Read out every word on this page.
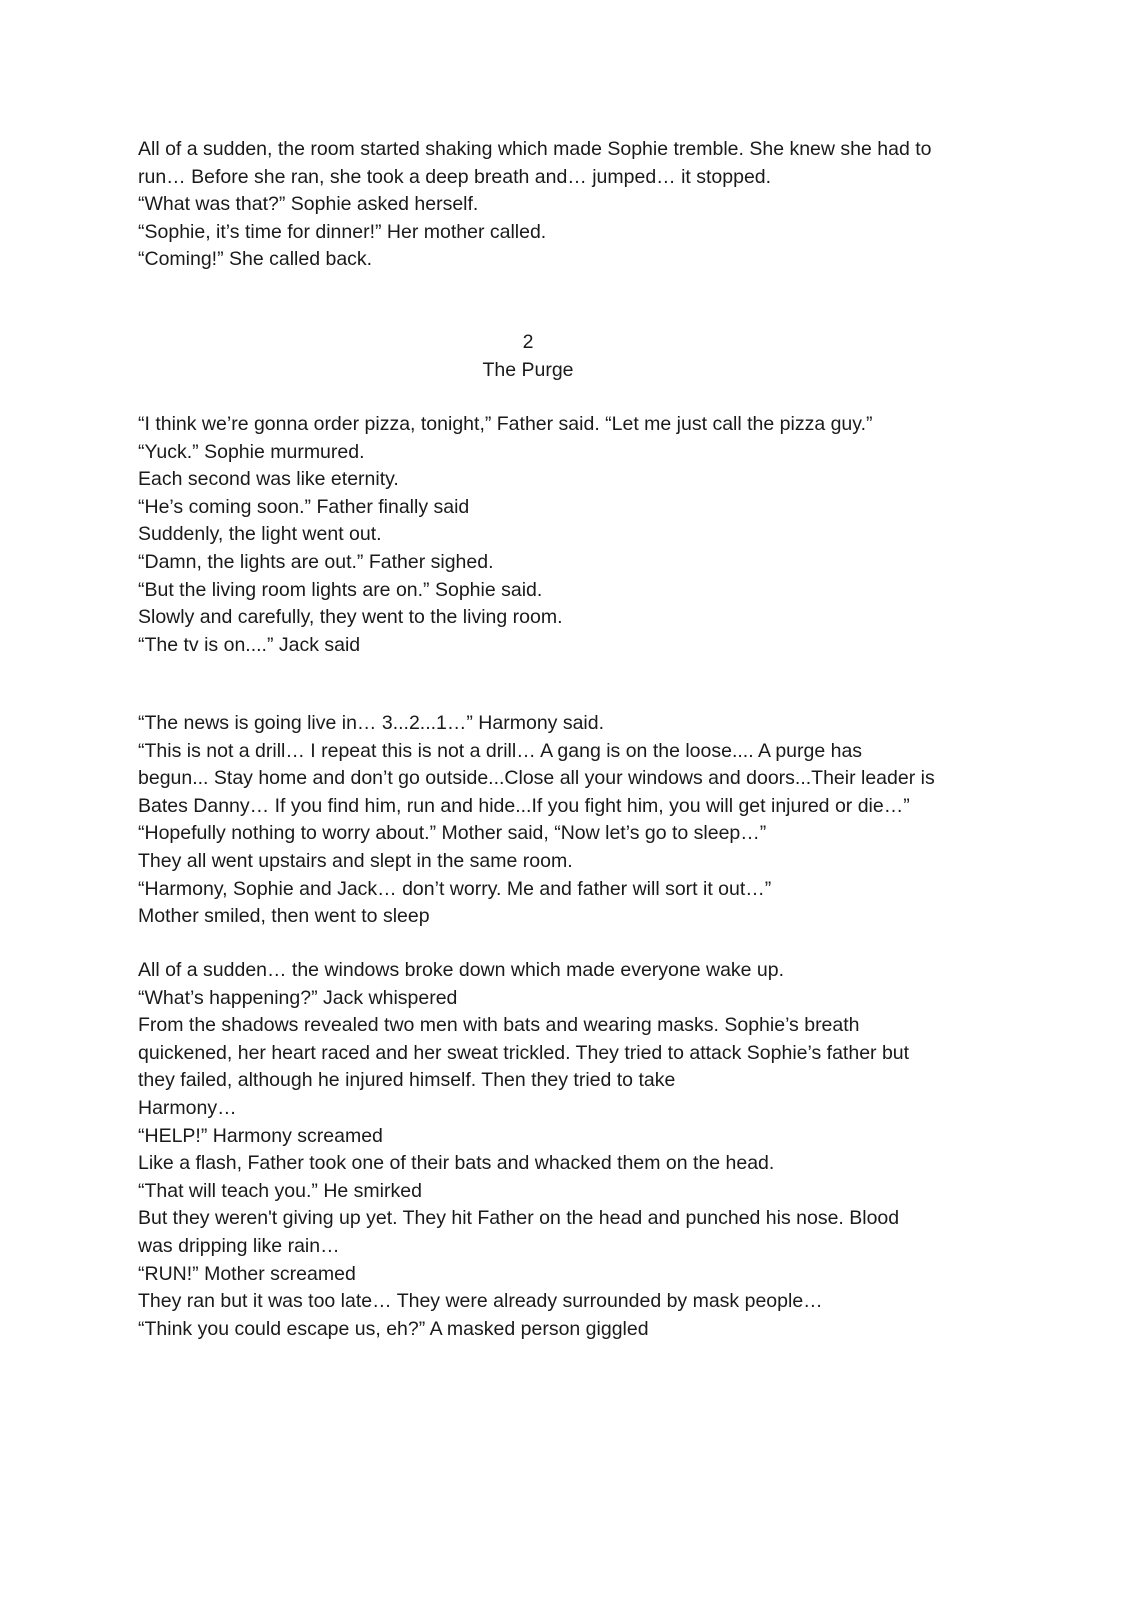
All of a sudden, the room started shaking which made Sophie tremble. She knew she had to
run… Before she ran, she took a deep breath and… jumped… it stopped.
“What was that?” Sophie asked herself.
“Sophie, it’s time for dinner!” Her mother called.
“Coming!” She called back.
2
The Purge
“I think we’re gonna order pizza, tonight,” Father said. “Let me just call the pizza guy.”
“Yuck.” Sophie murmured.
Each second was like eternity.
“He’s coming soon.” Father finally said
Suddenly, the light went out.
“Damn, the lights are out.” Father sighed.
“But the living room lights are on.” Sophie said.
Slowly and carefully, they went to the living room.
“The tv is on....” Jack said
“The news is going live in… 3...2...1…” Harmony said.
“This is not a drill… I repeat this is not a drill… A gang is on the loose.... A purge has
begun... Stay home and don’t go outside...Close all your windows and doors...Their leader is
Bates Danny… If you find him, run and hide...If you fight him, you will get injured or die…”
“Hopefully nothing to worry about.” Mother said, “Now let’s go to sleep…”
They all went upstairs and slept in the same room.
“Harmony, Sophie and Jack… don’t worry. Me and father will sort it out…”
Mother smiled, then went to sleep
All of a sudden… the windows broke down which made everyone wake up.
“What’s happening?” Jack whispered
From the shadows revealed two men with bats and wearing masks. Sophie’s breath
quickened, her heart raced and her sweat trickled. They tried to attack Sophie’s father but
they failed, although he injured himself. Then they tried to take
Harmony…
“HELP!” Harmony screamed
Like a flash, Father took one of their bats and whacked them on the head.
“That will teach you.” He smirked
But they weren't giving up yet. They hit Father on the head and punched his nose. Blood
was dripping like rain…
“RUN!” Mother screamed
They ran but it was too late… They were already surrounded by mask people…
“Think you could escape us, eh?” A masked person giggled
